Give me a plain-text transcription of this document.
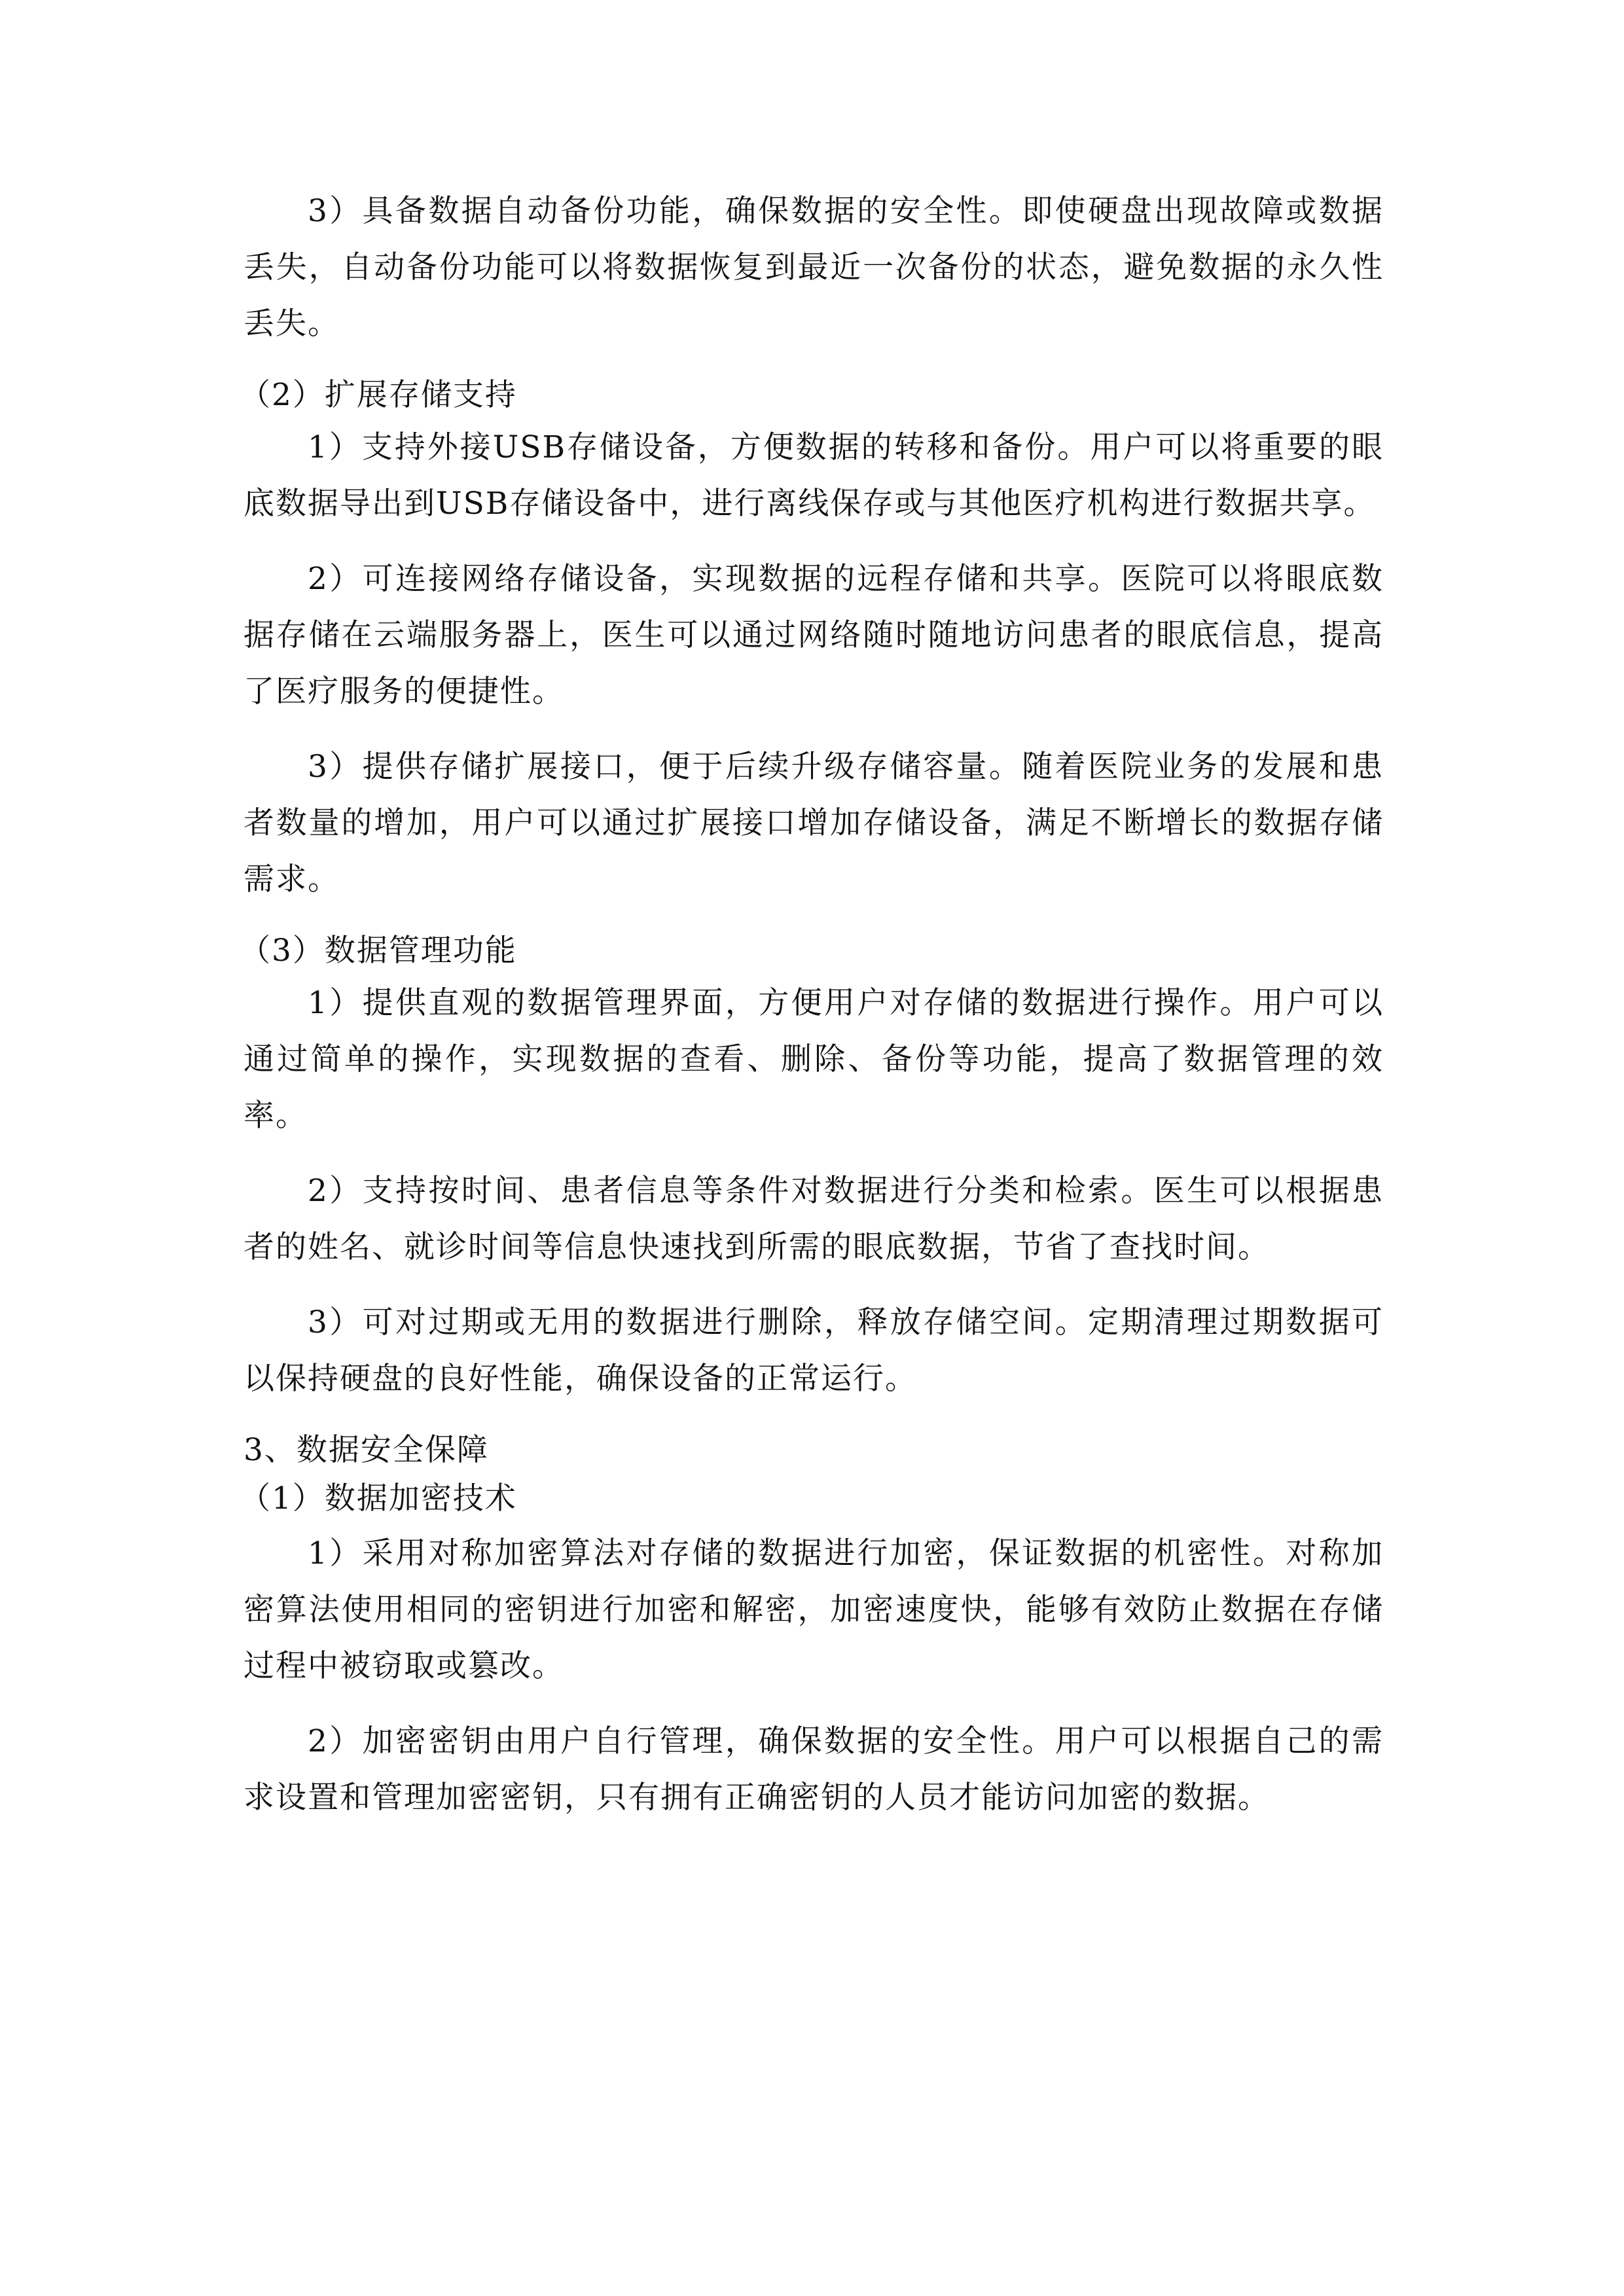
3）具备数据自动备份功能，确保数据的安全性。即使硬盘出现故障或数据丢失，自动备份功能可以将数据恢复到最近一次备份的状态，避免数据的永久性丢失。

（2）扩展存储支持

1）支持外接USB存储设备，方便数据的转移和备份。用户可以将重要的眼底数据导出到USB存储设备中，进行离线保存或与其他医疗机构进行数据共享。

2）可连接网络存储设备，实现数据的远程存储和共享。医院可以将眼底数据存储在云端服务器上，医生可以通过网络随时随地访问患者的眼底信息，提高了医疗服务的便捷性。

3）提供存储扩展接口，便于后续升级存储容量。随着医院业务的发展和患者数量的增加，用户可以通过扩展接口增加存储设备，满足不断增长的数据存储需求。

（3）数据管理功能

1）提供直观的数据管理界面，方便用户对存储的数据进行操作。用户可以通过简单的操作，实现数据的查看、删除、备份等功能，提高了数据管理的效率。

2）支持按时间、患者信息等条件对数据进行分类和检索。医生可以根据患者的姓名、就诊时间等信息快速找到所需的眼底数据，节省了查找时间。

3）可对过期或无用的数据进行删除，释放存储空间。定期清理过期数据可以保持硬盘的良好性能，确保设备的正常运行。

3、数据安全保障
（1）数据加密技术

1）采用对称加密算法对存储的数据进行加密，保证数据的机密性。对称加密算法使用相同的密钥进行加密和解密，加密速度快，能够有效防止数据在存储过程中被窃取或篡改。

2）加密密钥由用户自行管理，确保数据的安全性。用户可以根据自己的需求设置和管理加密密钥，只有拥有正确密钥的人员才能访问加密的数据。
